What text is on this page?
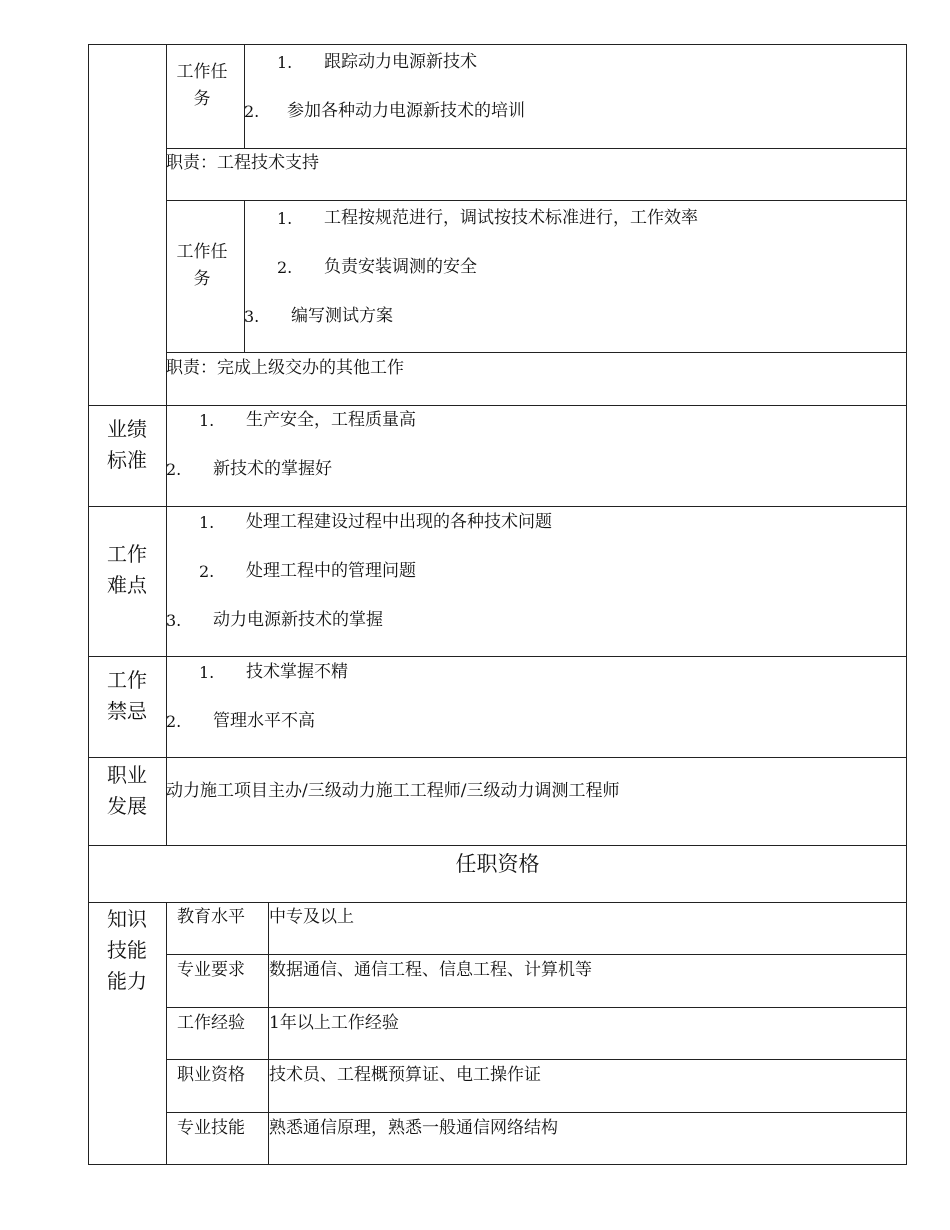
工作任务
1. 跟踪动力电源新技术
2. 参加各种动力电源新技术的培训
职责：工程技术支持
工作任务
1. 工程按规范进行，调试按技术标准进行，工作效率
2. 负责安装调测的安全
3. 编写测试方案
职责：完成上级交办的其他工作
业绩标准
1. 生产安全，工程质量高
2. 新技术的掌握好
工作难点
1. 处理工程建设过程中出现的各种技术问题
2. 处理工程中的管理问题
3. 动力电源新技术的掌握
工作禁忌
1. 技术掌握不精
2. 管理水平不高
职业发展
动力施工项目主办/三级动力施工工程师/三级动力调测工程师
任职资格
知识技能能力
教育水平 中专及以上
专业要求 数据通信、通信工程、信息工程、计算机等
工作经验 1年以上工作经验
职业资格 技术员、工程概预算证、电工操作证
专业技能 熟悉通信原理，熟悉一般通信网络结构
